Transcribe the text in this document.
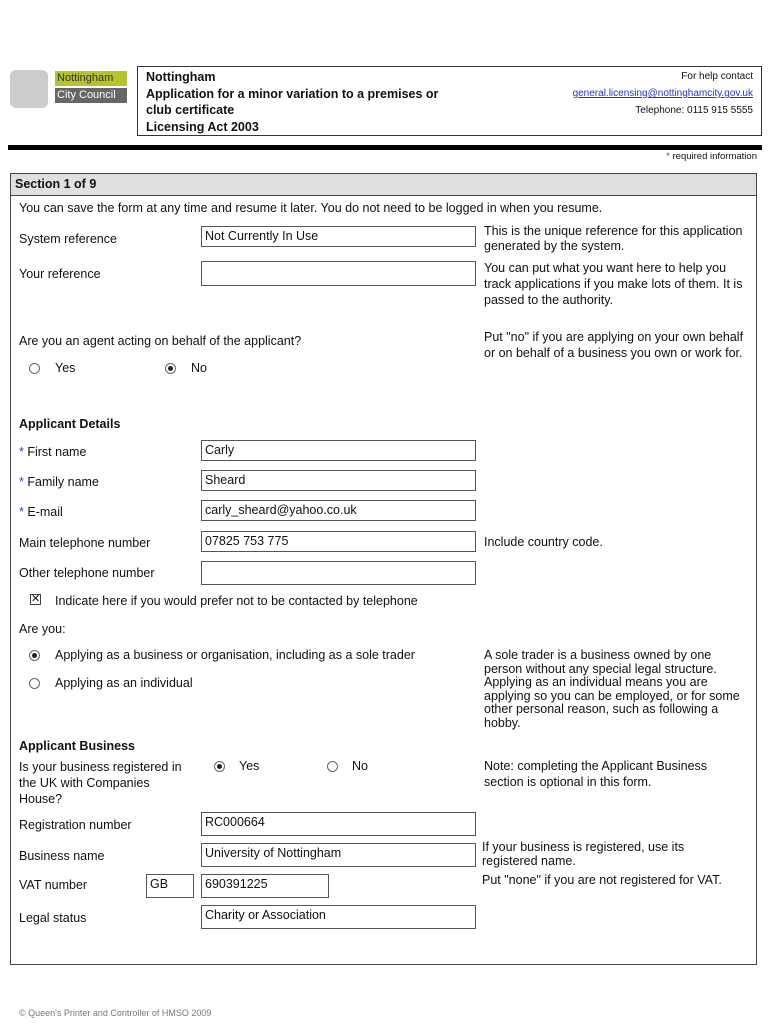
Nottingham
City Council
Nottingham
Application for a minor variation to a premises or
club certificate
Licensing Act 2003
For help contact
general.licensing@nottinghamcity.gov.uk
Telephone: 0115 915 5555
* required information
Section 1 of 9
You can save the form at any time and resume it later. You do not need to be logged in when you resume.
System reference	Not Currently In Use	This is the unique reference for this application generated by the system.
Your reference	You can put what you want here to help you track applications if you make lots of them. It is passed to the authority.
Are you an agent acting on behalf of the applicant?
Yes	No
Put "no" if you are applying on your own behalf or on behalf of a business you own or work for.
Applicant Details
* First name	Carly
* Family name	Sheard
* E-mail	carly_sheard@yahoo.co.uk
Main telephone number	07825 753 775	Include country code.
Other telephone number
✕ Indicate here if you would prefer not to be contacted by telephone
Are you:
Applying as a business or organisation, including as a sole trader
Applying as an individual
A sole trader is a business owned by one person without any special legal structure. Applying as an individual means you are applying so you can be employed, or for some other personal reason, such as following a hobby.
Applicant Business
Is your business registered in the UK with Companies House?
Yes	No	Note: completing the Applicant Business section is optional in this form.
Registration number	RC000664
Business name	University of Nottingham	If your business is registered, use its registered name.
VAT number	GB	690391225	Put "none" if you are not registered for VAT.
Legal status	Charity or Association
© Queen's Printer and Controller of HMSO 2009
